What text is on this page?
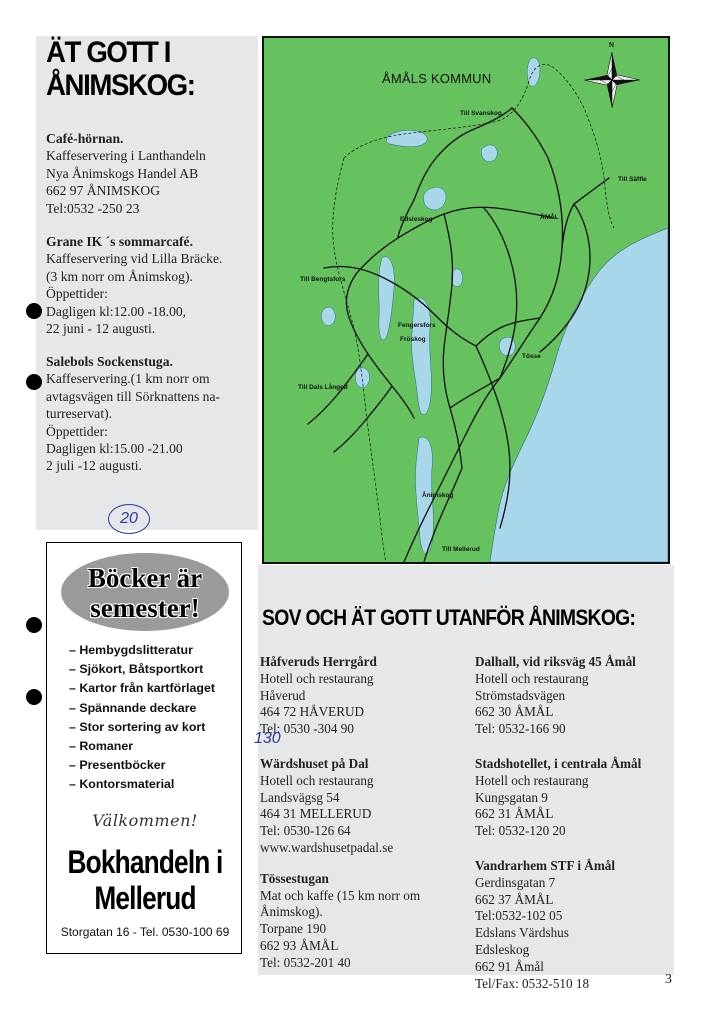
ÄT GOTT I
ÅNIMSKOG:
Café-hörnan.
Kaffeservering i Lanthandeln
Nya Ånimskogs Handel AB
662 97 ÅNIMSKOG
Tel:0532 -250 23
Grane IK ´s sommarcafé.
Kaffeservering vid Lilla Bräcke.
(3 km norr om Ånimskog).
Öppettider:
Dagligen kl:12.00 -18.00,
22 juni - 12 augusti.
Salebols Sockenstuga.
Kaffeservering.(1 km norr om
avtagsvägen till Sörknattens na-
turreservat).
Öppettider:
Dagligen kl:15.00 -21.00
2 juli -12 augusti.
20
N
ÅMÅLS KOMMUN
Till Svanskog
Till Säffle
Edsleskog	ÅMÅL
Till Bengtsfors
Fengersfors
Fröskog
Tösse
Till Dals Långed
Ånimskog
Till Mellerud
Böcker är
semester!
– Hembygdslitteratur
– Sjökort, Båtsportkort
– Kartor från kartförlaget
– Spännande deckare
– Stor sortering av kort
– Romaner
– Presentböcker
– Kontorsmaterial
Välkommen!
Bokhandeln i
Mellerud
Storgatan 16 - Tel. 0530-100 69
SOV OCH ÄT GOTT UTANFÖR ÅNIMSKOG:
Håfveruds Herrgård
Hotell och restaurang
Håverud
464 72 HÅVERUD
Tel: 0530 -304 90
Wärdshuset på Dal
Hotell och restaurang
Landsvägsg 54
464 31 MELLERUD
Tel: 0530-126 64
www.wardshusetpadal.se
Tössestugan
Mat och kaffe (15 km norr om
Ånimskog).
Torpane 190
662 93 ÅMÅL
Tel: 0532-201 40
130
Dalhall, vid riksväg 45 Åmål
Hotell och restaurang
Strömstadsvägen
662 30 ÅMÅL
Tel: 0532-166 90
Stadshotellet, i centrala Åmål
Hotell och restaurang
Kungsgatan 9
662 31 ÅMÅL
Tel: 0532-120 20
Vandrarhem STF i Åmål
Gerdinsgatan 7
662 37 ÅMÅL
Tel:0532-102 05
Edslans Värdshus
Edsleskog
662 91 Åmål
Tel/Fax: 0532-510 18	3
